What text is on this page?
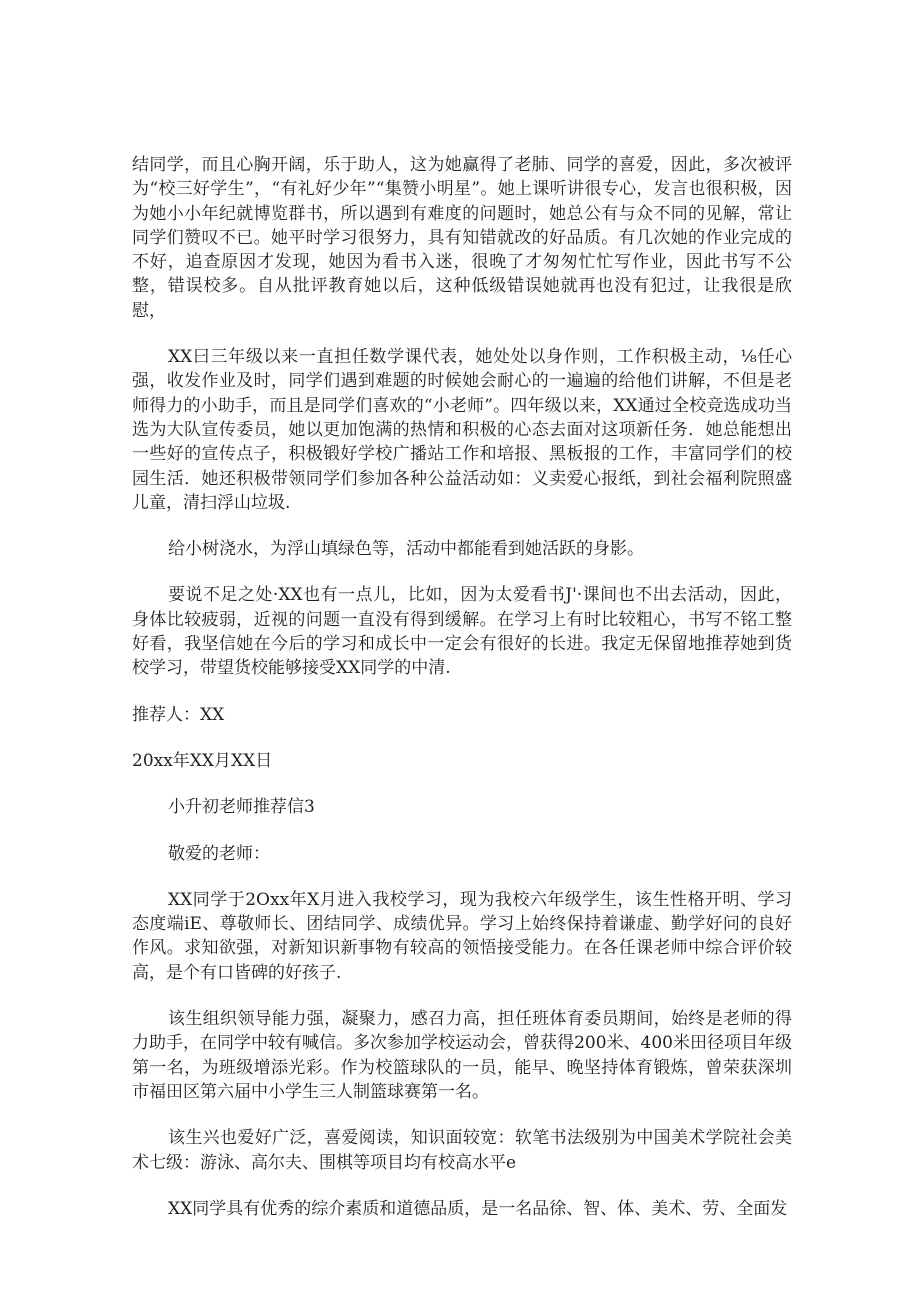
结同学，而且心胸开阔，乐于助人，这为她赢得了老肺、同学的喜爱，因此，多次被评为“校三好学生”，“有礼好少年”“集赞小明星”。她上课听讲很专心，发言也很积极，因为她小小年纪就博览群书，所以遇到有难度的问题时，她总公有与众不同的见解，常让同学们赞叹不已。她平时学习很努力，具有知错就改的好品质。有几次她的作业完成的不好，追查原因才发现，她因为看书入迷，很晚了才匆匆忙忙写作业，因此书写不公整，错误校多。自从批评教育她以后，这种低级错误她就再也没有犯过，让我很是欣慰，

XX曰三年级以来一直担任数学课代表，她处处以身作则，工作积极主动，⅛任心强，收发作业及时，同学们遇到难题的时候她会耐心的一遍遍的给他们讲解，不但是老师得力的小助手，而且是同学们喜欢的“小老师”。四年级以来，XX通过全校竞选成功当选为大队宣传委员，她以更加饱满的热情和积极的心态去面对这项新任务．她总能想出一些好的宣传点子，积极锻好学校广播站工作和培报、黑板报的工作，丰富同学们的校园生活．她还积极带领同学们参加各种公益活动如：义卖爱心报纸，到社会福利院照盛儿童，清扫浮山垃圾.

给小树浇水，为浮山填绿色等，活动中都能看到她活跃的身影。

要说不足之处·XX也有一点儿，比如，因为太爱看书J'·课间也不出去活动，因此，身体比较疲弱，近视的问题一直没有得到缓解。在学习上有时比较粗心，书写不铭工整好看，我坚信她在今后的学习和成长中一定会有很好的长进。我定无保留地推荐她到货校学习，带望货校能够接受XX同学的中清.

推荐人：XX
20xx年XX月XX日
小升初老师推荐信3
敬爱的老师：

XX同学于2Oxx年X月进入我校学习，现为我校六年级学生，该生性格开明、学习态度端iE、尊敬师长、团结同学、成绩优异。学习上始终保持着谦虚、勤学好问的良好作风。求知欲强，对新知识新事物有较高的领悟接受能力。在各任课老师中综合评价较高，是个有口皆碑的好孩子.

该生组织领导能力强，凝聚力，感召力高，担任班体育委员期间，始终是老师的得力助手，在同学中较有喊信。多次参加学校运动会，曾获得200米、400米田径项目年级第一名，为班级增添光彩。作为校篮球队的一员，能早、晚坚持体育锻炼，曾荣获深圳市福田区第六届中小学生三人制篮球赛第一名。

该生兴也爱好广泛，喜爱阅读，知识面较宽：软笔书法级别为中国美术学院社会美术七级：游泳、高尔夫、围棋等项目均有校高水平e

XX同学具有优秀的综介素质和道德品质，是一名品徐、智、体、美术、劳、全面发
